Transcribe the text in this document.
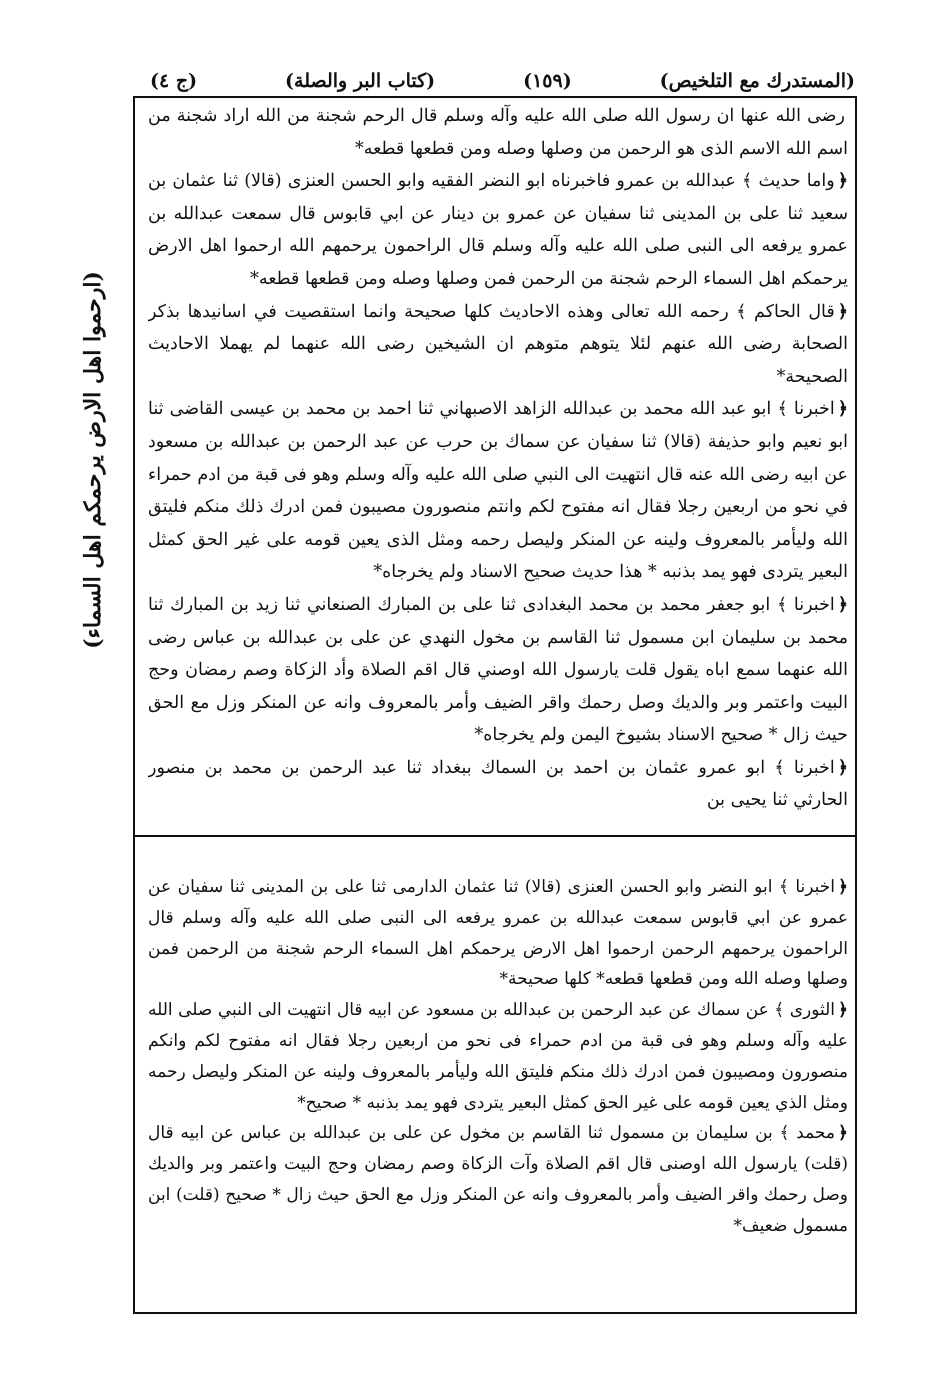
(المستدرك مع التلخيص)
(١٥٩)
(كتاب البر والصلة)
(ج ٤)
(ارحموا اهل الارض يرحمكم اهل السماء)

رضى الله عنها ان رسول الله صلى الله عليه وآله وسلم قال الرحم شجنة من الله اراد شجنة من اسم الله الاسم الذى هو الرحمن من وصلها وصله ومن قطعها قطعه*

﴿واما حديث ﴾ عبدالله بن عمرو فاخبرناه ابو النضر الفقيه وابو الحسن العنزى (قالا) ثنا عثمان بن سعيد ثنا على بن المدينى ثنا سفيان عن عمرو بن دينار عن ابي قابوس قال سمعت عبدالله بن عمرو يرفعه الى النبى صلى الله عليه وآله وسلم قال الراحمون يرحمهم الله ارحموا اهل الارض يرحمكم اهل السماء الرحم شجنة من الرحمن فمن وصلها وصله ومن قطعها قطعه*

﴿قال الحاكم ﴾ رحمه الله تعالى وهذه الاحاديث كلها صحيحة وانما استقصيت في اسانيدها بذكر الصحابة رضى الله عنهم لئلا يتوهم متوهم ان الشيخين رضى الله عنهما لم يهملا الاحاديث الصحيحة*

﴿اخبرنا ﴾ ابو عبد الله محمد بن عبدالله الزاهد الاصبهاني ثنا احمد بن محمد بن عيسى القاضى ثنا ابو نعيم وابو حذيفة (قالا) ثنا سفيان عن سماك بن حرب عن عبد الرحمن بن عبدالله بن مسعود عن ابيه رضى الله عنه قال انتهيت الى النبي صلى الله عليه وآله وسلم وهو فى قبة من ادم حمراء في نحو من اربعين رجلا فقال انه مفتوح لكم وانتم منصورون مصيبون فمن ادرك ذلك منكم فليتق الله وليأمر بالمعروف ولينه عن المنكر وليصل رحمه ومثل الذى يعين قومه على غير الحق كمثل البعير يتردى فهو يمد بذنبه * هذا حديث صحيح الاسناد ولم يخرجاه*

﴿اخبرنا ﴾ ابو جعفر محمد بن محمد البغدادى ثنا على بن المبارك الصنعاني ثنا زيد بن المبارك ثنا محمد بن سليمان ابن مسمول ثنا القاسم بن مخول النهدي عن على بن عبدالله بن عباس رضى الله عنهما سمع اباه يقول قلت يارسول الله اوصني قال اقم الصلاة وأد الزكاة وصم رمضان وحج البيت واعتمر وبر والديك وصل رحمك واقر الضيف وأمر بالمعروف وانه عن المنكر وزل مع الحق حيث زال * صحيح الاسناد بشيوخ اليمن ولم يخرجاه*

﴿اخبرنا ﴾ ابو عمرو عثمان بن احمد بن السماك ببغداد ثنا عبد الرحمن بن محمد بن منصور الحارثي ثنا يحيى بن

﴿اخبرنا ﴾ ابو النضر وابو الحسن العنزى (قالا) ثنا عثمان الدارمى ثنا على بن المدينى ثنا سفيان عن عمرو عن ابي قابوس سمعت عبدالله بن عمرو يرفعه الى النبى صلى الله عليه وآله وسلم قال الراحمون يرحمهم الرحمن ارحموا اهل الارض يرحمكم اهل السماء الرحم شجنة من الرحمن فمن وصلها وصله الله ومن قطعها قطعه* كلها صحيحة*

﴿الثورى ﴾ عن سماك عن عبد الرحمن بن عبدالله بن مسعود عن ابيه قال انتهيت الى النبي صلى الله عليه وآله وسلم وهو فى قبة من ادم حمراء فى نحو من اربعين رجلا فقال انه مفتوح لكم وانكم منصورون ومصيبون فمن ادرك ذلك منكم فليتق الله وليأمر بالمعروف ولينه عن المنكر وليصل رحمه ومثل الذي يعين قومه على غير الحق كمثل البعير يتردى فهو يمد بذنبه * صحيح*

﴿محمد ﴾ بن سليمان بن مسمول ثنا القاسم بن مخول عن على بن عبدالله بن عباس عن ابيه قال (قلت) يارسول الله اوصنى قال اقم الصلاة وآت الزكاة وصم رمضان وحج البيت واعتمر وبر والديك وصل رحمك واقر الضيف وأمر بالمعروف وانه عن المنكر وزل مع الحق حيث زال * صحيح (قلت) ابن مسمول ضعيف*
